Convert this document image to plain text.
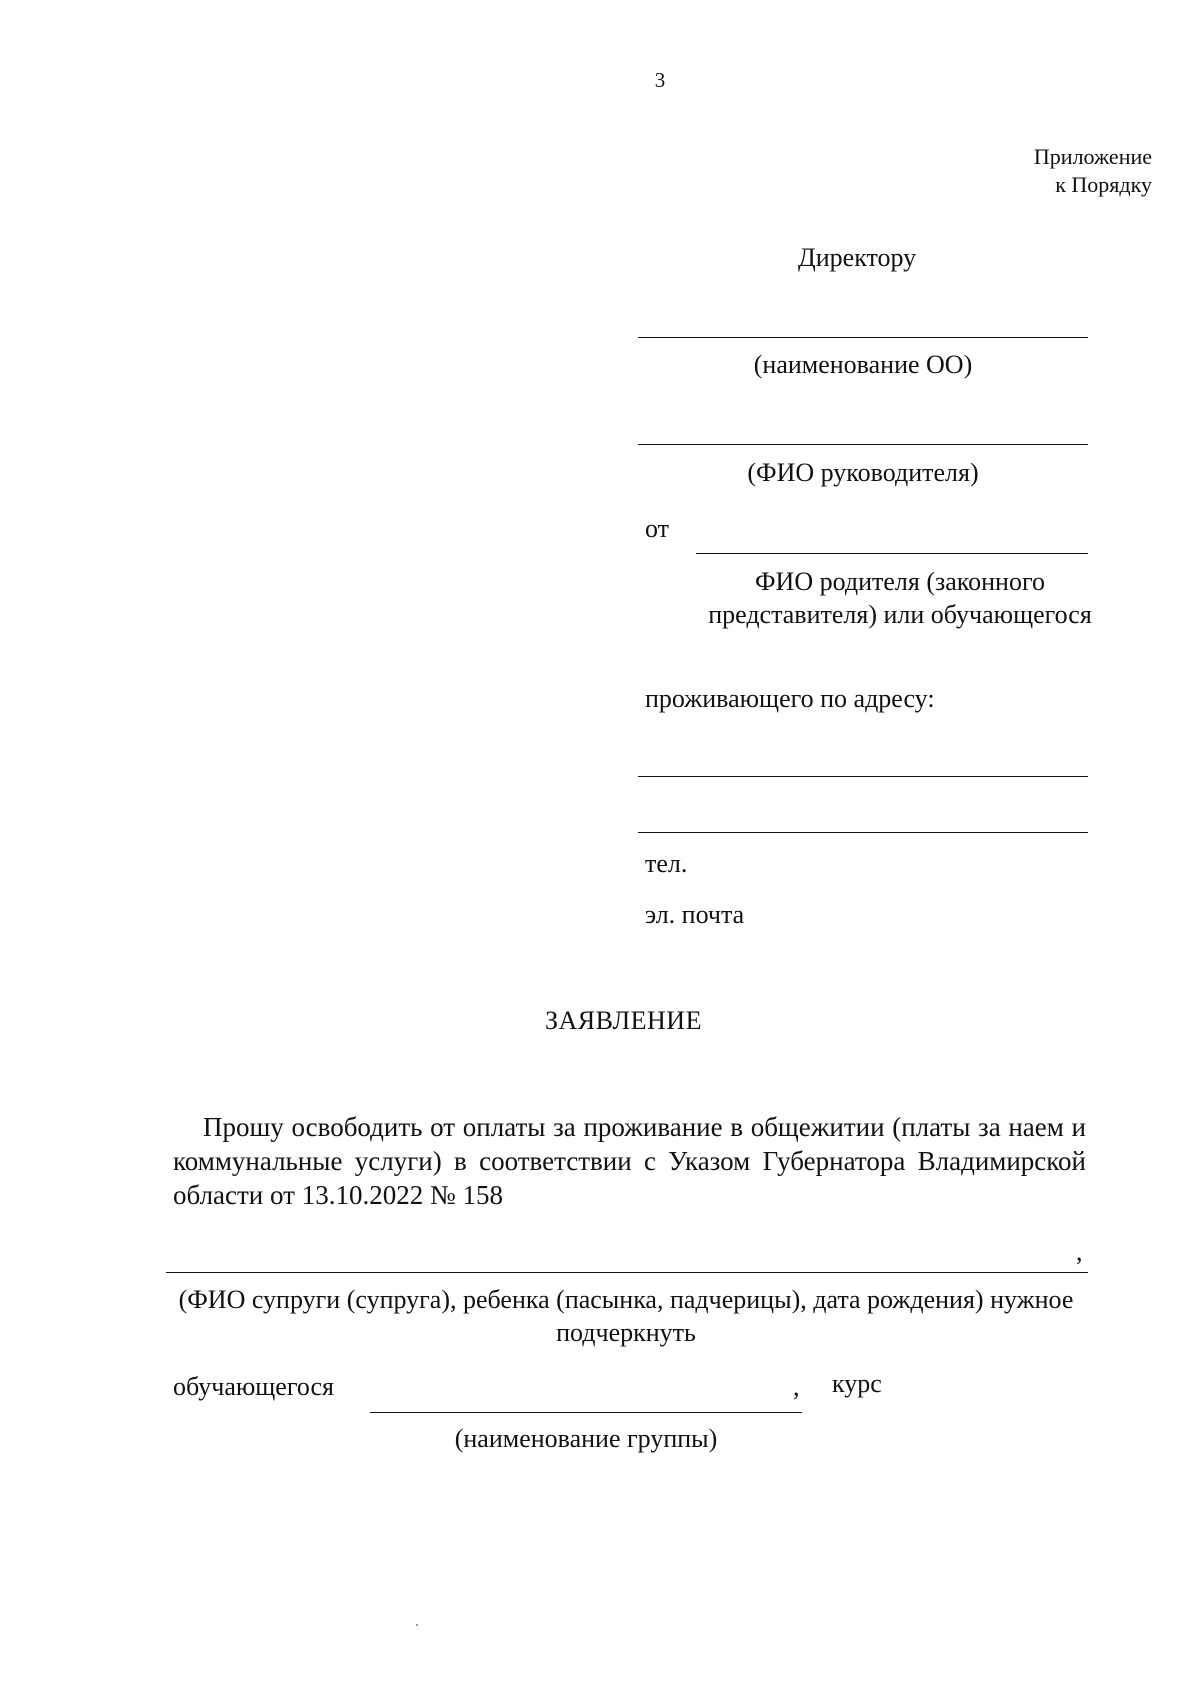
3
Приложение
к Порядку
Директору
(наименование ОО)
(ФИО руководителя)
от
ФИО родителя (законного представителя) или обучающегося
проживающего по адресу:
тел.
эл. почта
ЗАЯВЛЕНИЕ
Прошу освободить от оплаты за проживание в общежитии (платы за наем и коммунальные услуги) в соответствии с Указом Губернатора Владимирской области от 13.10.2022 № 158
,
(ФИО супруги (супруга), ребенка (пасынка, падчерицы), дата рождения) нужное подчеркнуть
обучающегося	, курс
(наименование группы)
